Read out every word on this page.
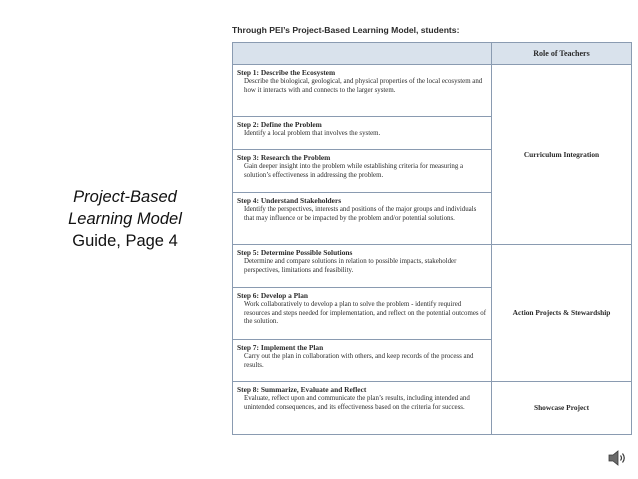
Project-Based
Learning Model
Guide, Page 4
Through PEI’s Project-Based Learning Model, students:
	Role of Teachers

Step 1: Describe the Ecosystem
Describe the biological, geological, and physical properties of the local ecosystem and how it interacts with and connects to the larger system.	Curriculum Integration

Step 2: Define the Problem
Identify a local problem that involves the system.	

Step 3: Research the Problem
Gain deeper insight into the problem while establishing criteria for measuring a solution’s effectiveness in addressing the problem.	

Step 4: Understand Stakeholders
Identify the perspectives, interests and positions of the major groups and individuals that may influence or be impacted by the problem and/or potential solutions.	

Step 5: Determine Possible Solutions
Determine and compare solutions in relation to possible impacts, stakeholder perspectives, limitations and feasibility.	Action Projects & Stewardship

Step 6: Develop a Plan
Work collaboratively to develop a plan to solve the problem - identify required resources and steps needed for implementation, and reflect on the potential outcomes of the solution.	

Step 7: Implement the Plan
Carry out the plan in collaboration with others, and keep records of the process and results.	

Step 8: Summarize, Evaluate and Reflect
Evaluate, reflect upon and communicate the plan’s results, including intended and unintended consequences, and its effectiveness based on the criteria for success.	Showcase Project
